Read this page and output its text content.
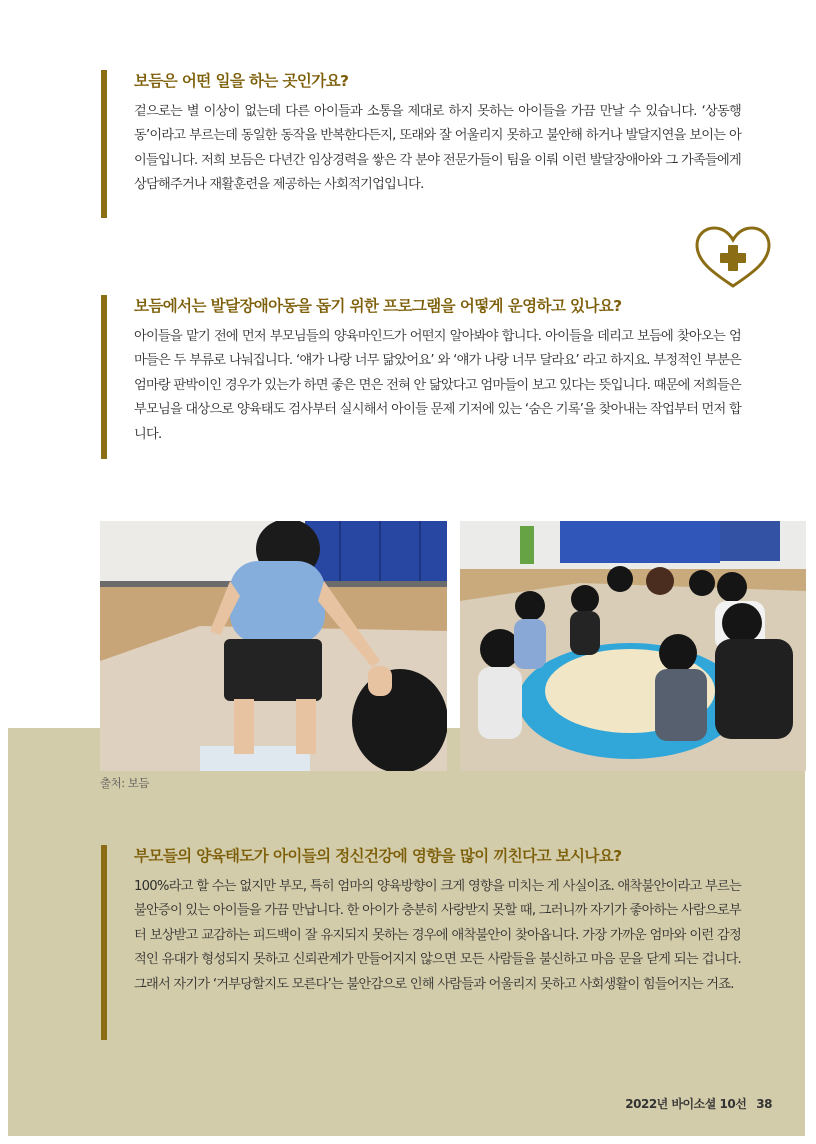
보듬은 어떤 일을 하는 곳인가요?

겉으로는 별 이상이 없는데 다른 아이들과 소통을 제대로 하지 못하는 아이들을 가끔 만날 수 있습니다. ‘상동행동’이라고 부르는데 동일한 동작을 반복한다든지, 또래와 잘 어울리지 못하고 불안해 하거나 발달지연을 보이는 아이들입니다. 저희 보듬은 다년간 임상경력을 쌓은 각 분야 전문가들이 팀을 이뤄 이런 발달장애아와 그 가족들에게 상담해주거나 재활훈련을 제공하는 사회적기업입니다.

보듬에서는 발달장애아동을 돕기 위한 프로그램을 어떻게 운영하고 있나요?

아이들을 맡기 전에 먼저 부모님들의 양육마인드가 어떤지 알아봐야 합니다. 아이들을 데리고 보듬에 찾아오는 엄마들은 두 부류로 나눠집니다. ‘얘가 나랑 너무 닮았어요’ 와 ‘얘가 나랑 너무 달라요’ 라고 하지요. 부정적인 부분은 엄마랑 판박이인 경우가 있는가 하면 좋은 면은 전혀 안 닮았다고 엄마들이 보고 있다는 뜻입니다. 때문에 저희들은 부모님을 대상으로 양육태도 검사부터 실시해서 아이들 문제 기저에 있는 ‘숨은 기록’을 찾아내는 작업부터 먼저 합니다.

출처: 보듬
부모들의 양육태도가 아이들의 정신건강에 영향을 많이 끼친다고 보시나요?

100%라고 할 수는 없지만 부모, 특히 엄마의 양육방향이 크게 영향을 미치는 게 사실이죠. 애착불안이라고 부르는 불안증이 있는 아이들을 가끔 만납니다. 한 아이가 충분히 사랑받지 못할 때, 그러니까 자기가 좋아하는 사람으로부터 보상받고 교감하는 피드백이 잘 유지되지 못하는 경우에 애착불안이 찾아옵니다. 가장 가까운 엄마와 이런 감정적인 유대가 형성되지 못하고 신뢰관계가 만들어지지 않으면 모든 사람들을 불신하고 마음 문을 닫게 되는 겁니다. 그래서 자기가 ‘거부당할지도 모른다’는 불안감으로 인해 사람들과 어울리지 못하고 사회생활이 힘들어지는 거죠.

2022년 바이소셜 10선 38
